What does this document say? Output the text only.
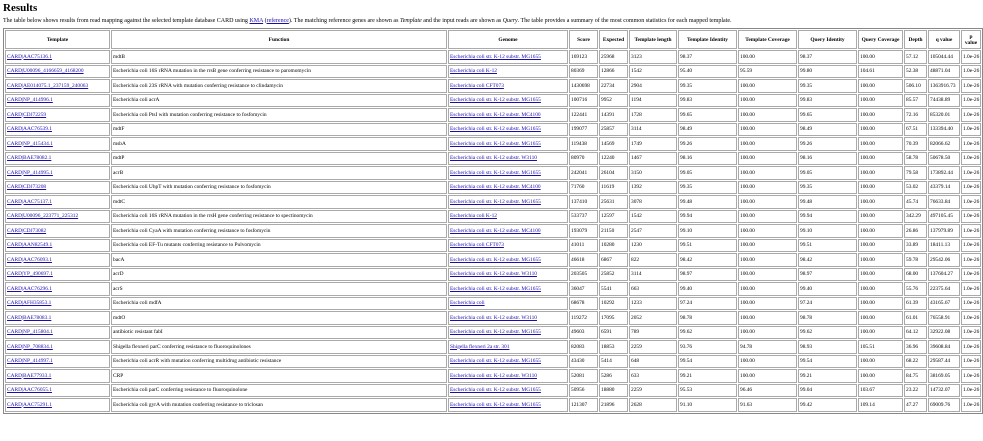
Results

The table below shows results from read mapping against the selected template database CARD using KMA (reference). The matching reference genes are shown as Template and the input reads are shown as Query. The table provides a summary of the most common statistics for each mapped template.

Template	Function	Genome	Score	Expected	Template length	Template Identity	Template Coverage	Query Identity	Query Coverage	Depth	q value	p value
CARD|AAC75136.1	mdtB	Escherichia coli str. K-12 substr. MG1655	169123	25968	3123	98.37	100.00	98.37	100.00	57.12	105044.44	1.0e-26
CARD|U00096_4166659_4168200	Escherichia coli 16S rRNA mutation in the rrsB gene conferring resistance to paromomycin	Escherichia coli K-12	80369	12866	1542	95.40	95.59	99.80	104.61	52.38	48871.04	1.0e-26
CARD|AE014075.1_237159_240063	Escherichia coli 23S rRNA with mutation conferring resistance to clindamycin	Escherichia coli CFT073	1430698	22734	2904	99.35	100.00	99.35	100.00	506.10	1363916.73	1.0e-26
CARD|NP_414996.1	Escherichia coli acrA	Escherichia coli str. K-12 substr. MG1655	100716	9952	1194	99.83	100.00	99.83	100.00	85.57	74438.89	1.0e-26
CARD|CDJ72259	Escherichia coli PtsI with mutation conferring resistance to fosfomycin	Escherichia coli str. K-12 substr. MC4100	122441	14391	1728	99.65	100.00	99.65	100.00	72.16	85320.01	1.0e-26
CARD|AAC76539.1	mdtF	Escherichia coli str. K-12 substr. MG1655	199077	25857	3114	98.49	100.00	98.49	100.00	67.51	133394.40	1.0e-26
CARD|NP_415434.1	msbA	Escherichia coli str. K-12 substr. MG1655	119438	14569	1749	99.26	100.00	99.26	100.00	70.39	82066.62	1.0e-26
CARD|BAE78082.1	mdtP	Escherichia coli str. K-12 substr. W3110	80970	12240	1467	98.16	100.00	98.16	100.00	58.78	50678.50	1.0e-26
CARD|NP_414995.1	acrB	Escherichia coli str. K-12 substr. MG1655	242041	26104	3150	99.05	100.00	99.05	100.00	79.58	173892.44	1.0e-26
CARD|CDJ73208	Escherichia coli UhpT with mutation conferring resistance to fosfomycin	Escherichia coli str. K-12 substr. MC4100	71760	11619	1392	99.35	100.00	99.35	100.00	53.02	43379.14	1.0e-26
CARD|AAC75137.1	mdtC	Escherichia coli str. K-12 substr. MG1655	137410	25631	3078	99.48	100.00	99.48	100.00	45.74	76633.84	1.0e-26
CARD|U00096_223771_225312	Escherichia coli 16S rRNA mutation in the rrsH gene conferring resistance to spectinomycin	Escherichia coli K-12	533737	12597	1542	99.94	100.00	99.94	100.00	342.29	497105.45	1.0e-26
CARD|CDJ73082	Escherichia coli CyaA with mutation conferring resistance to fosfomycin	Escherichia coli str. K-12 substr. MC4100	193079	21150	2547	99.10	100.00	99.10	100.00	26.86	137979.89	1.0e-26
CARD|AAN82549.1	Escherichia coli EF-Tu mutants conferring resistance to Pulvomycin	Escherichia coli CFT073	41011	10280	1230	99.51	100.00	99.51	100.00	33.89	18411.13	1.0e-26
CARD|AAC76093.1	bacA	Escherichia coli str. K-12 substr. MG1655	46618	6867	822	98.42	100.00	98.42	100.00	59.78	29542.06	1.0e-26
CARD|YP_490697.1	acrD	Escherichia coli str. K-12 substr. W3110	203505	25852	3114	98.97	100.00	98.97	100.00	68.00	137604.27	1.0e-26
CARD|AAC76296.1	acrS	Escherichia coli str. K-12 substr. MG1655	36047	5541	663	99.40	100.00	99.40	100.00	55.76	22375.64	1.0e-26
CARD|AFH35853.1	Escherichia coli mdfA	Escherichia coli	68678	10292	1233	97.24	100.00	97.24	100.00	61.39	43165.67	1.0e-26
CARD|BAE78083.1	mdtO	Escherichia coli str. K-12 substr. W3110	119272	17095	2052	98.78	100.00	98.78	100.00	61.01	76558.91	1.0e-26
CARD|NP_415804.1	antibiotic resistant fabI	Escherichia coli str. K-12 substr. MG1655	49603	6591	789	99.62	100.00	99.62	100.00	64.12	32922.08	1.0e-26
CARD|NP_708834.1	Shigella flexneri parC conferring resistance to fluoroquinolones	Shigella flexneri 2a str. 301	82083	18853	2259	93.76	94.78	98.93	105.51	36.96	39608.84	1.0e-26
CARD|NP_414997.1	Escherichia coli acrR with mutation conferring multidrug antibiotic resistance	Escherichia coli str. K-12 substr. MG1655	43430	5414	648	99.54	100.00	99.54	100.00	68.22	29587.44	1.0e-26
CARD|BAE77933.1	CRP	Escherichia coli str. K-12 substr. W3110	52081	5286	633	99.21	100.00	99.21	100.00	84.75	38169.05	1.0e-26
CARD|AAC76055.1	Escherichia coli parC conferring resistance to fluoroquinolone	Escherichia coli str. K-12 substr. MG1655	50956	18880	2259	95.53	96.46	99.04	103.67	23.22	14732.07	1.0e-26
CARD|AAC75291.1	Escherichia coli gyrA with mutation conferring resistance to triclosan	Escherichia coli str. K-12 substr. MG1655	121307	21896	2628	91.10	91.63	99.42	109.14	47.27	69009.76	1.0e-26
